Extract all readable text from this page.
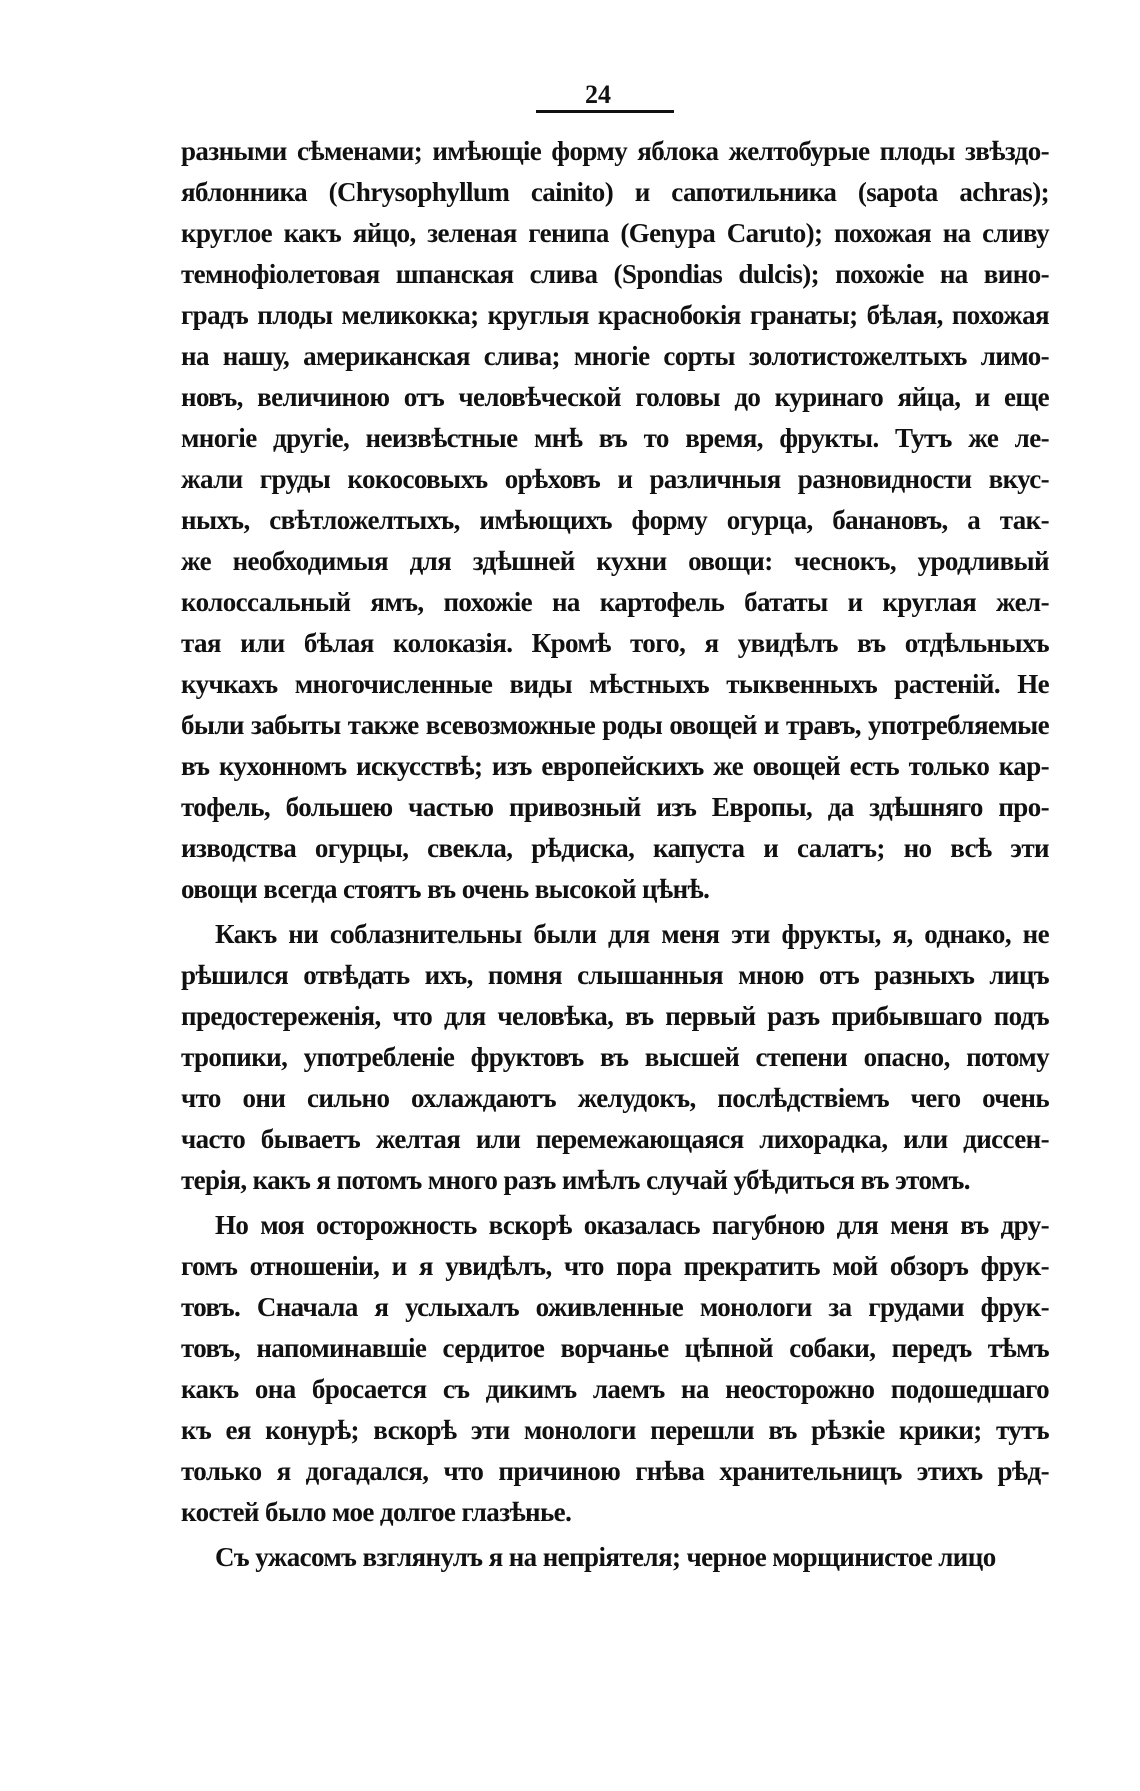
24
разными сѣменами; имѣющіе форму яблока желтобурые плоды звѣздо-
яблонника (Chrysophyllum cainito) и сапотильника (sapota achras);
круглое какъ яйцо, зеленая генипа (Genypa Caruto); похожая на сливу
темнофіолетовая шпанская слива (Spondias dulcis); похожіе на вино-
градъ плоды меликокка; круглыя краснобокія гранаты; бѣлая, похожая
на нашу, американская слива; многіе сорты золотистожелтыхъ лимо-
новъ, величиною отъ человѣческой головы до куринаго яйца, и еще
многіе другіе, неизвѣстные мнѣ въ то время, фрукты. Тутъ же ле-
жали груды кокосовыхъ орѣховъ и различныя разновидности вкус-
ныхъ, свѣтложелтыхъ, имѣющихъ форму огурца, банановъ, а так-
же необходимыя для здѣшней кухни овощи: чеснокъ, уродливый
колоссальный ямъ, похожіе на картофель бататы и круглая жел-
тая или бѣлая колоказія. Кромѣ того, я увидѣлъ въ отдѣльныхъ
кучкахъ многочисленные виды мѣстныхъ тыквенныхъ растеній. Не
были забыты также всевозможные роды овощей и травъ, употребляемые
въ кухонномъ искусствѣ; изъ европейскихъ же овощей есть только кар-
тофель, большею частью привозный изъ Европы, да здѣшняго про-
изводства огурцы, свекла, рѣдиска, капуста и салатъ; но всѣ эти
овощи всегда стоятъ въ очень высокой цѣнѣ.
Какъ ни соблазнительны были для меня эти фрукты, я, однако, не
рѣшился отвѣдать ихъ, помня слышанныя мною отъ разныхъ лицъ
предостереженія, что для человѣка, въ первый разъ прибывшаго подъ
тропики, употребленіе фруктовъ въ высшей степени опасно, потому
что они сильно охлаждаютъ желудокъ, послѣдствіемъ чего очень
часто бываетъ желтая или перемежающаяся лихорадка, или диссен-
терія, какъ я потомъ много разъ имѣлъ случай убѣдиться въ этомъ.
Но моя осторожность вскорѣ оказалась пагубною для меня въ дру-
гомъ отношеніи, и я увидѣлъ, что пора прекратить мой обзоръ фрук-
товъ. Сначала я услыхалъ оживленные монологи за грудами фрук-
товъ, напоминавшіе сердитое ворчанье цѣпной собаки, передъ тѣмъ
какъ она бросается съ дикимъ лаемъ на неосторожно подошедшаго
къ ея конурѣ; вскорѣ эти монологи перешли въ рѣзкіе крики; тутъ
только я догадался, что причиною гнѣва хранительницъ этихъ рѣд-
костей было мое долгое глазѣнье.
Съ ужасомъ взглянулъ я на непріятеля; черное морщинистое лицо
